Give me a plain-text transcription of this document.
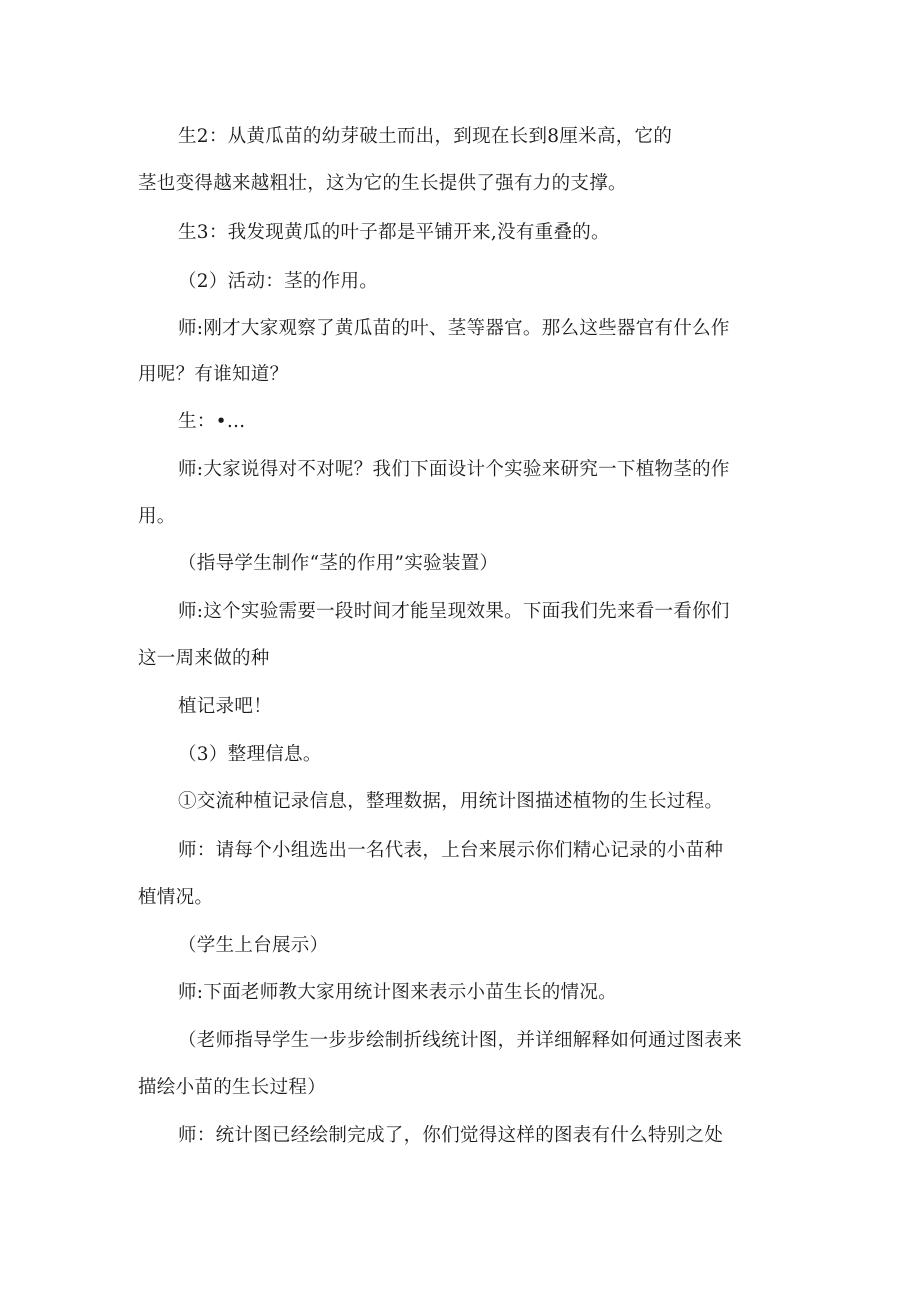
生2：从黄瓜苗的幼芽破土而出，到现在长到8厘米高，它的
茎也变得越来越粗壮，这为它的生长提供了强有力的支撑。
生3：我发现黄瓜的叶子都是平铺开来,没有重叠的。
（2）活动：茎的作用。
师:刚才大家观察了黄瓜苗的叶、茎等器官。那么这些器官有什么作
用呢？有谁知道？
生：•…
师:大家说得对不对呢？我们下面设计个实验来研究一下植物茎的作
用。
（指导学生制作“茎的作用”实验装置）
师:这个实验需要一段时间才能呈现效果。下面我们先来看一看你们
这一周来做的种
植记录吧！
（3）整理信息。
①交流种植记录信息，整理数据，用统计图描述植物的生长过程。
师：请每个小组选出一名代表，上台来展示你们精心记录的小苗种
植情况。
（学生上台展示）
师:下面老师教大家用统计图来表示小苗生长的情况。
（老师指导学生一步步绘制折线统计图，并详细解释如何通过图表来
描绘小苗的生长过程）
师：统计图已经绘制完成了，你们觉得这样的图表有什么特别之处
